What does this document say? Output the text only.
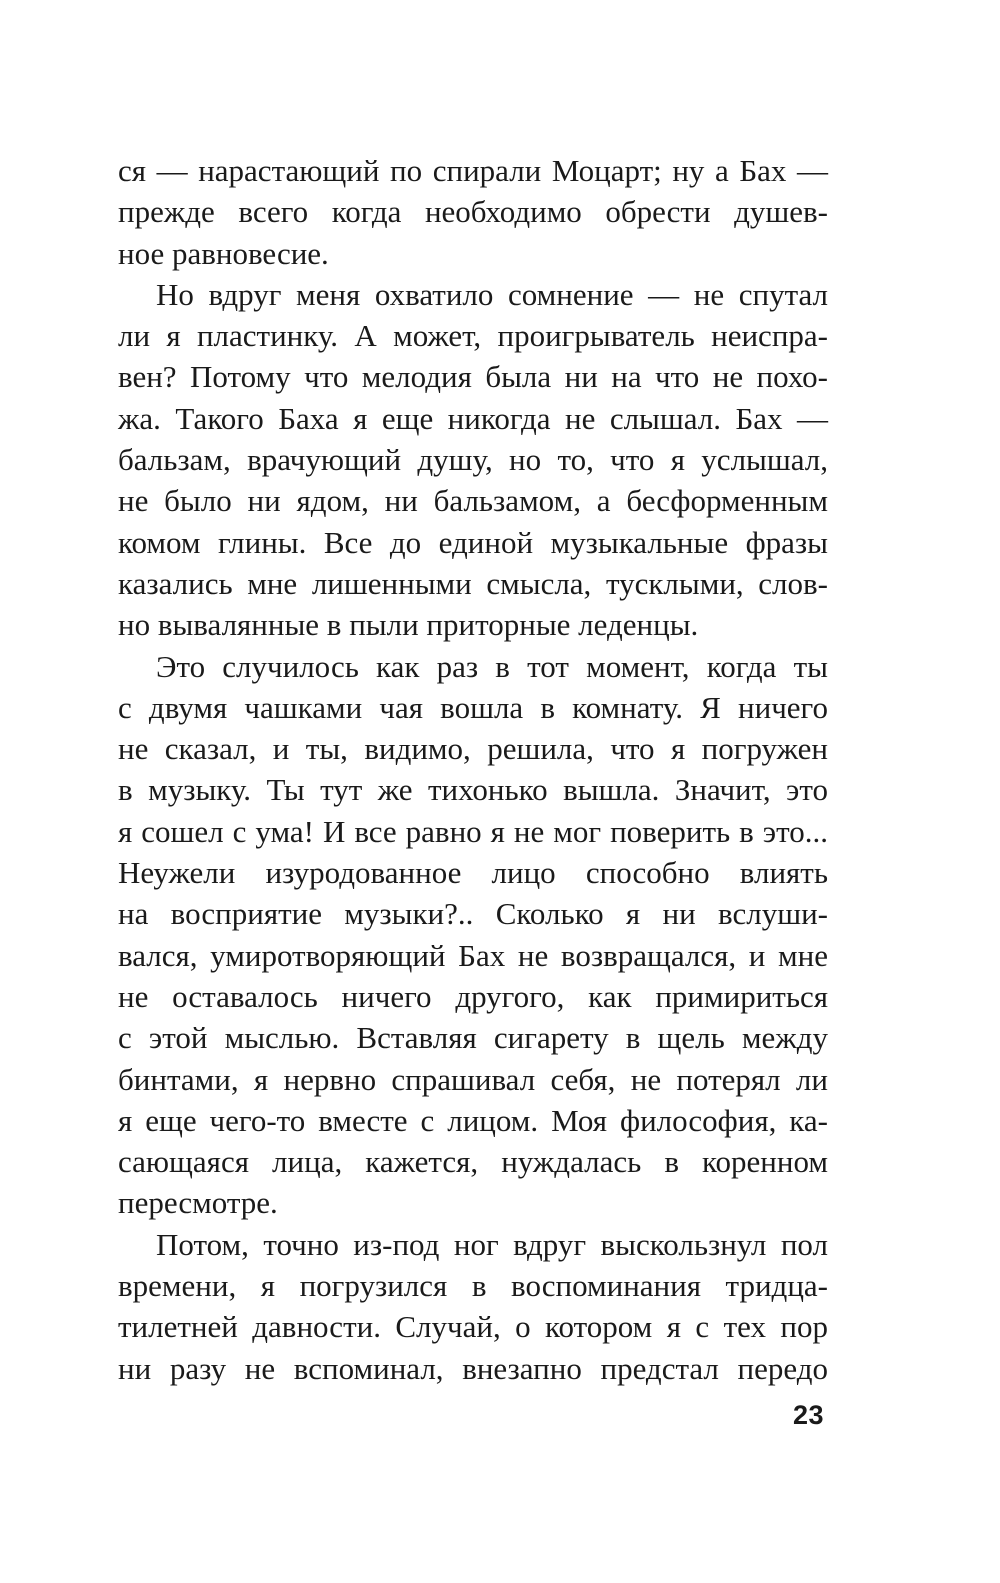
ся — нарастающий по спирали Моцарт; ну а Бах —
прежде всего когда необходимо обрести душев-
ное равновесие.
Но вдруг меня охватило сомнение — не спутал
ли я пластинку. А может, проигрыватель неиспра-
вен? Потому что мелодия была ни на что не похо-
жа. Такого Баха я еще никогда не слышал. Бах —
бальзам, врачующий душу, но то, что я услышал,
не было ни ядом, ни бальзамом, а бесформенным
комом глины. Все до единой музыкальные фразы
казались мне лишенными смысла, тусклыми, слов-
но вывалянные в пыли приторные леденцы.
Это случилось как раз в тот момент, когда ты
с двумя чашками чая вошла в комнату. Я ничего
не сказал, и ты, видимо, решила, что я погружен
в музыку. Ты тут же тихонько вышла. Значит, это
я сошел с ума! И все равно я не мог поверить в это...
Неужели изуродованное лицо способно влиять
на восприятие музыки?.. Сколько я ни вслуши-
вался, умиротворяющий Бах не возвращался, и мне
не оставалось ничего другого, как примириться
с этой мыслью. Вставляя сигарету в щель между
бинтами, я нервно спрашивал себя, не потерял ли
я еще чего-то вместе с лицом. Моя философия, ка-
сающаяся лица, кажется, нуждалась в коренном
пересмотре.
Потом, точно из-под ног вдруг выскользнул пол
времени, я погрузился в воспоминания тридца-
тилетней давности. Случай, о котором я с тех пор
ни разу не вспоминал, внезапно предстал передо
23
